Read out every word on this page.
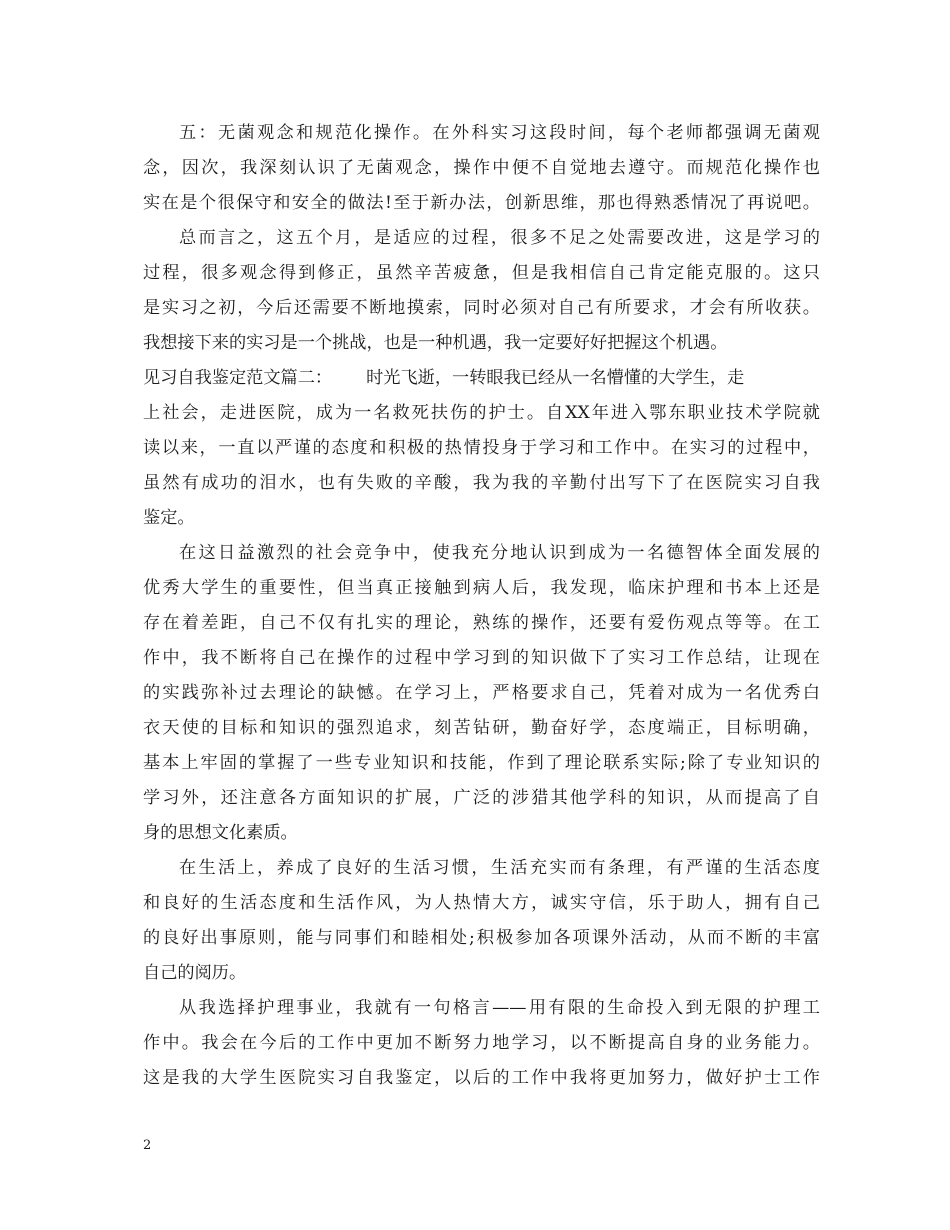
五：无菌观念和规范化操作。在外科实习这段时间，每个老师都强调无菌观
念，因次，我深刻认识了无菌观念，操作中便不自觉地去遵守。而规范化操作也
实在是个很保守和安全的做法!至于新办法，创新思维，那也得熟悉情况了再说吧。
总而言之，这五个月，是适应的过程，很多不足之处需要改进，这是学习的
过程，很多观念得到修正，虽然辛苦疲惫，但是我相信自己肯定能克服的。这只
是实习之初，今后还需要不断地摸索，同时必须对自己有所要求，才会有所收获。
我想接下来的实习是一个挑战，也是一种机遇，我一定要好好把握这个机遇。
见习自我鉴定范文篇二： 时光飞逝，一转眼我已经从一名懵懂的大学生，走
上社会，走进医院，成为一名救死扶伤的护士。自XX年进入鄂东职业技术学院就
读以来，一直以严谨的态度和积极的热情投身于学习和工作中。在实习的过程中，
虽然有成功的泪水，也有失败的辛酸，我为我的辛勤付出写下了在医院实习自我
鉴定。
在这日益激烈的社会竞争中，使我充分地认识到成为一名德智体全面发展的
优秀大学生的重要性，但当真正接触到病人后，我发现，临床护理和书本上还是
存在着差距，自己不仅有扎实的理论，熟练的操作，还要有爱伤观点等等。在工
作中，我不断将自己在操作的过程中学习到的知识做下了实习工作总结，让现在
的实践弥补过去理论的缺憾。在学习上，严格要求自己，凭着对成为一名优秀白
衣天使的目标和知识的强烈追求，刻苦钻研，勤奋好学，态度端正，目标明确，
基本上牢固的掌握了一些专业知识和技能，作到了理论联系实际;除了专业知识的
学习外，还注意各方面知识的扩展，广泛的涉猎其他学科的知识，从而提高了自
身的思想文化素质。
在生活上，养成了良好的生活习惯，生活充实而有条理，有严谨的生活态度
和良好的生活态度和生活作风，为人热情大方，诚实守信，乐于助人，拥有自己
的良好出事原则，能与同事们和睦相处;积极参加各项课外活动，从而不断的丰富
自己的阅历。
从我选择护理事业，我就有一句格言——用有限的生命投入到无限的护理工
作中。我会在今后的工作中更加不断努力地学习，以不断提高自身的业务能力。
这是我的大学生医院实习自我鉴定，以后的工作中我将更加努力，做好护士工作
2
